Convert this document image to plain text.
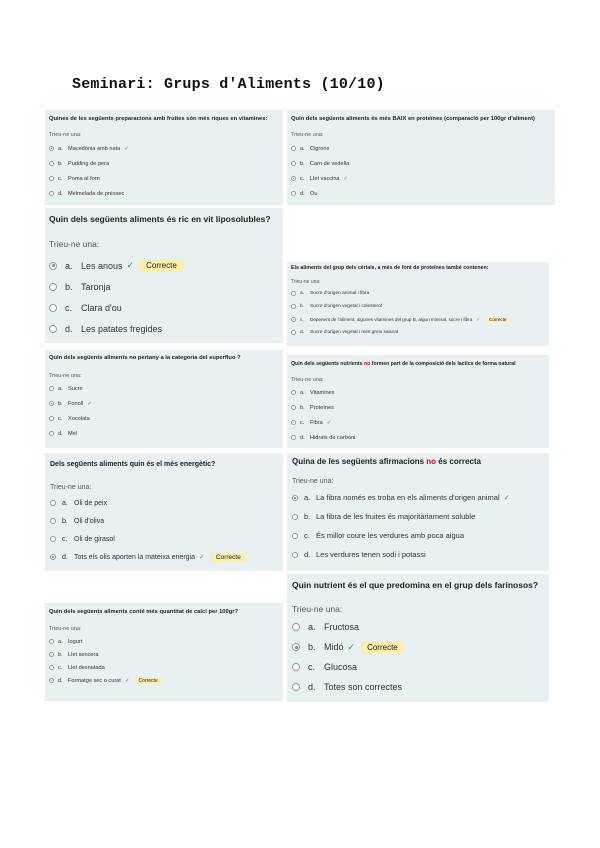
Seminari: Grups d'Aliments (10/10)
Quines de les següents preparacions amb fruites són més riques en vitamines:
Trieu-ne una:
a. Macedònia amb nata ✓
b. Pudding de pera
c.	Poma al forn
d. Melmelada de préssec
Quin dels següents aliments és més BAIX en proteïnes (comparació per 100gr d'aliment)
Trieu-ne una:
a. Cigrons
b. Carn de vedella
c.	Llet vaccina ✓
d. Ou
Quin dels següents aliments és ric en vit liposolubles?
Trieu-ne una:
a. Les anous ✓	Correcte
b. Taronja
c. Clara d'ou
d. Les patates fregides
Els aliments del grup dels cèrials, a més de font de proteïnes també contenen:
Trieu-ne una:
a.	Sucre d'origen animal i fibra
b.	Sucre d'origen vegetal i colesterol
c.	Depenent de l'aliment, algunes vitamines del grup B, algun mineral, sucre i fibra ✓	Correcte
d.	Sucre d'origen vegetal i més greix saturat
Quin dels següents aliments no pertany a la categoria del superfluo ?
Trieu-ne una:
a. Sucre
b. Fonoll ✓
c.	Xocolata
d. Mel
Quin dels següents nutrients no formen part de la composició dels lactics de forma natural
Trieu-ne una:
a. Vitamines
b. Proteïnes
c.	Fibra ✓
d. Hidrats de carboni
Dels següents aliments quin és el més energètic?
Trieu-ne una:
a. Oli de peix
b. Oli d'oliva
c. Oli de girasol
d. Tots els olis aporten la mateixa energia ✓	Correcte
Quina de les següents afirmacions no és correcta
Trieu-ne una:
a. La fibra només es troba en els aliments d'origen animal ✓
b. La fibra de les fruites és majoritàriament soluble
c. És millor coure les verdures amb poca aigua
d. Les verdures tenen sodi i potassi
Quin dels següents aliments conté més quantitat de calci per 100gr?
Trieu-ne una:
a. Iogurt
b. Llet sencera
c.	Llet desnatada
d. Formatge sec o curat ✓	Correcte
Quin nutrient és el que predomina en el grup dels farinosos?
Trieu-ne una:
a. Fructosa
b. Midó ✓	Correcte
c. Glucosa
d. Totes son correctes
